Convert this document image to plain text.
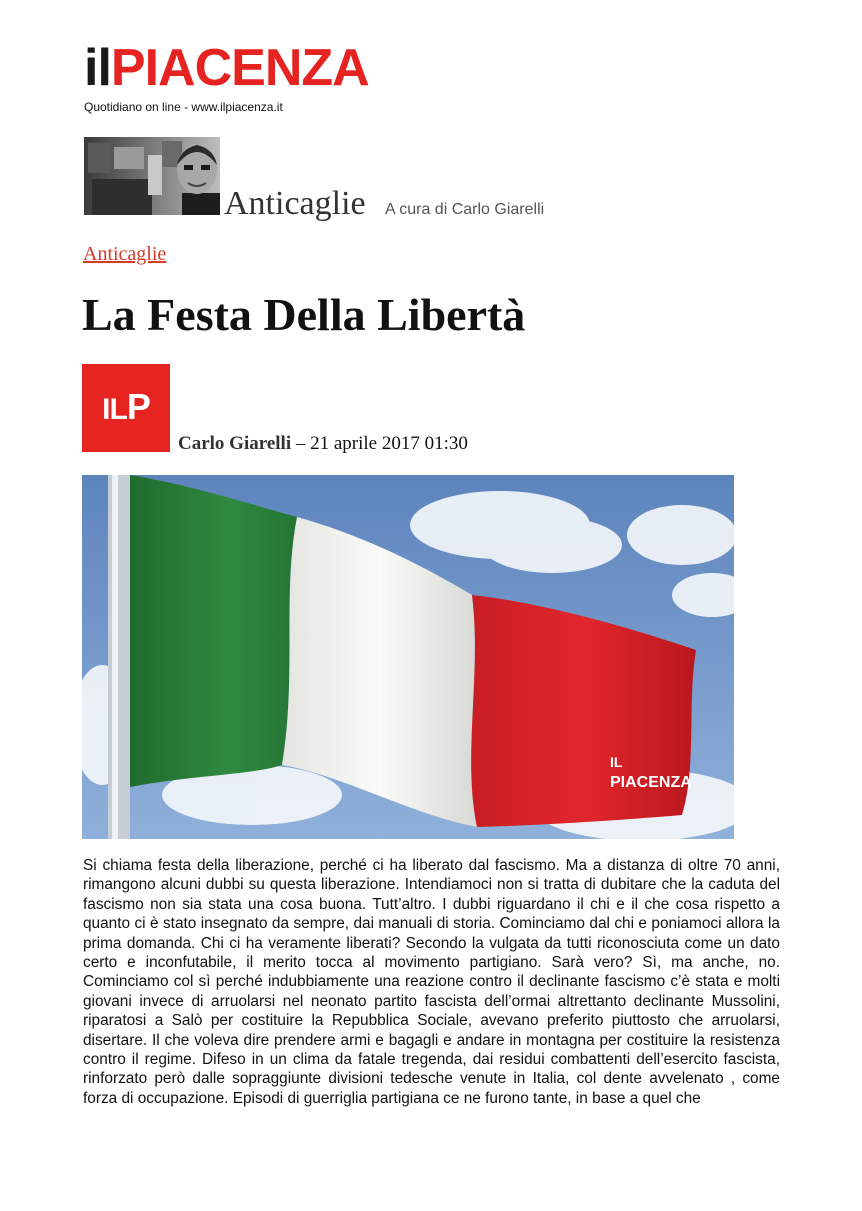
ilPIACENZA
Quotidiano on line - www.ilpiacenza.it
Anticaglie A cura di Carlo Giarelli
Anticaglie
La Festa Della Libertà
ILP
Carlo Giarelli – 21 aprile 2017 01:30
IL
PIACENZA

Si chiama festa della liberazione, perché ci ha liberato dal fascismo. Ma a distanza di oltre 70 anni, rimangono alcuni dubbi su questa liberazione. Intendiamoci non si tratta di dubitare che la caduta del fascismo non sia stata una cosa buona. Tutt’altro. I dubbi riguardano il chi e il che cosa rispetto a quanto ci è stato insegnato da sempre, dai manuali di storia. Cominciamo dal chi e poniamoci allora la prima domanda. Chi ci ha veramente liberati? Secondo la vulgata da tutti riconosciuta come un dato certo e inconfutabile, il merito tocca al movimento partigiano. Sarà vero? Sì, ma anche, no. Cominciamo col sì perché indubbiamente una reazione contro il declinante fascismo c’è stata e molti giovani invece di arruolarsi nel neonato partito fascista dell’ormai altrettanto declinante Mussolini, riparatosi a Salò per costituire la Repubblica Sociale, avevano preferito piuttosto che arruolarsi, disertare. Il che voleva dire prendere armi e bagagli e andare in montagna per costituire la resistenza contro il regime. Difeso in un clima da fatale tregenda, dai residui combattenti dell’esercito fascista, rinforzato però dalle sopraggiunte divisioni tedesche venute in Italia, col dente avvelenato , come forza di occupazione. Episodi di guerriglia partigiana ce ne furono tante, in base a quel che
